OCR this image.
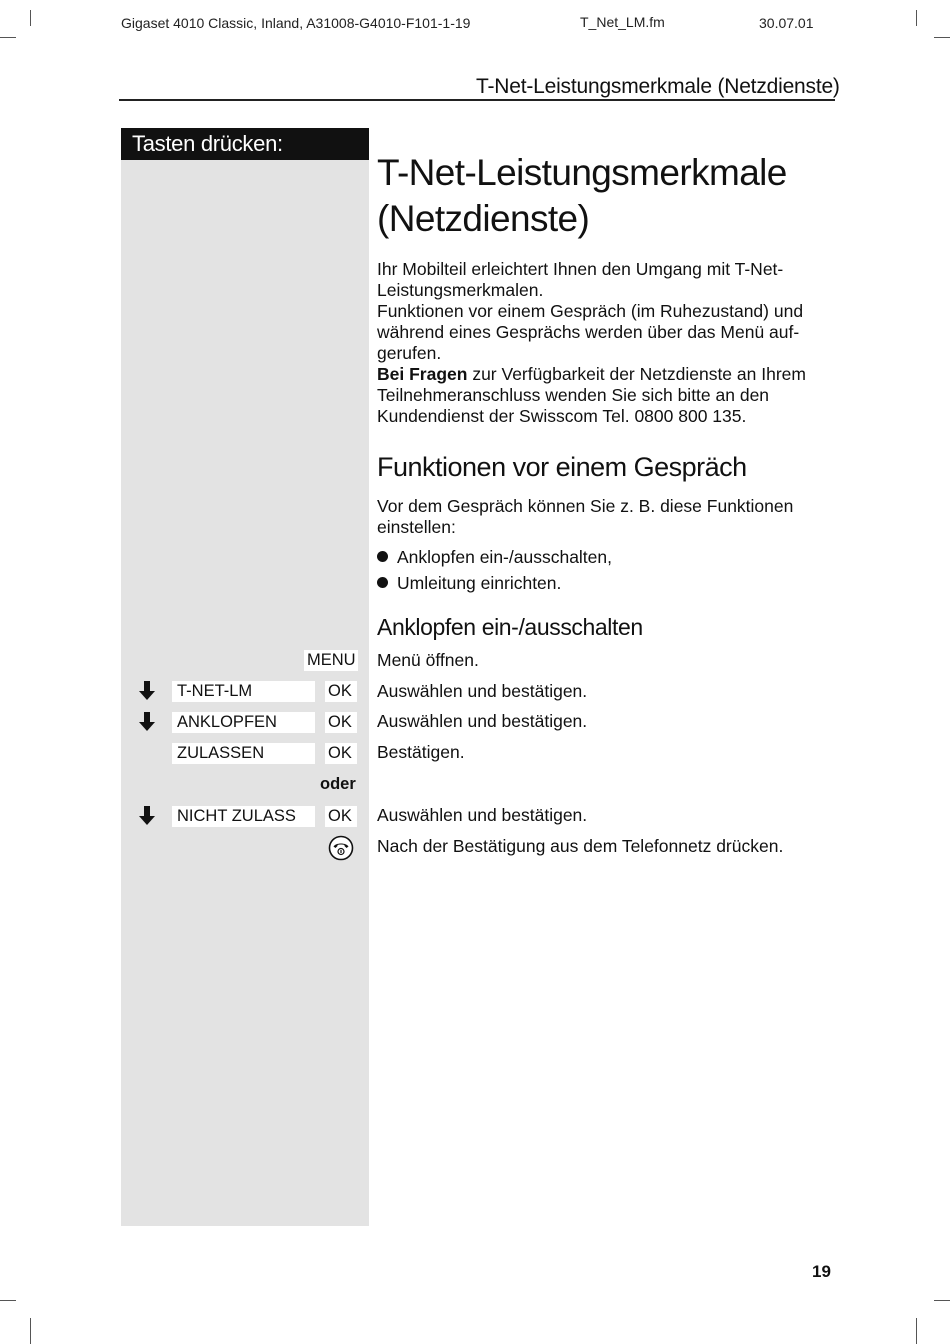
Gigaset 4010 Classic, Inland, A31008-G4010-F101-1-19	T_Net_LM.fm	30.07.01
T-Net-Leistungsmerkmale (Netzdienste)
Tasten drücken:
T-Net-Leistungsmerkmale
(Netzdienste)
Ihr Mobilteil erleichtert Ihnen den Umgang mit T-Net-
Leistungsmerkmalen.
Funktionen vor einem Gespräch (im Ruhezustand) und
während eines Gesprächs werden über das Menü auf-
gerufen.
Bei Fragen zur Verfügbarkeit der Netzdienste an Ihrem
Teilnehmeranschluss wenden Sie sich bitte an den
Kundendienst der Swisscom Tel. 0800 800 135.
Funktionen vor einem Gespräch
Vor dem Gespräch können Sie z. B. diese Funktionen
einstellen:
Anklopfen ein-/ausschalten,
Umleitung einrichten.
Anklopfen ein-/ausschalten
MENU Menü öffnen.
T-NET-LM	OK Auswählen und bestätigen.
ANKLOPFEN	OK Auswählen und bestätigen.
ZULASSEN	OK Bestätigen.
oder
NICHT ZULASS	OK Auswählen und bestätigen.
Nach der Bestätigung aus dem Telefonnetz drücken.
19
